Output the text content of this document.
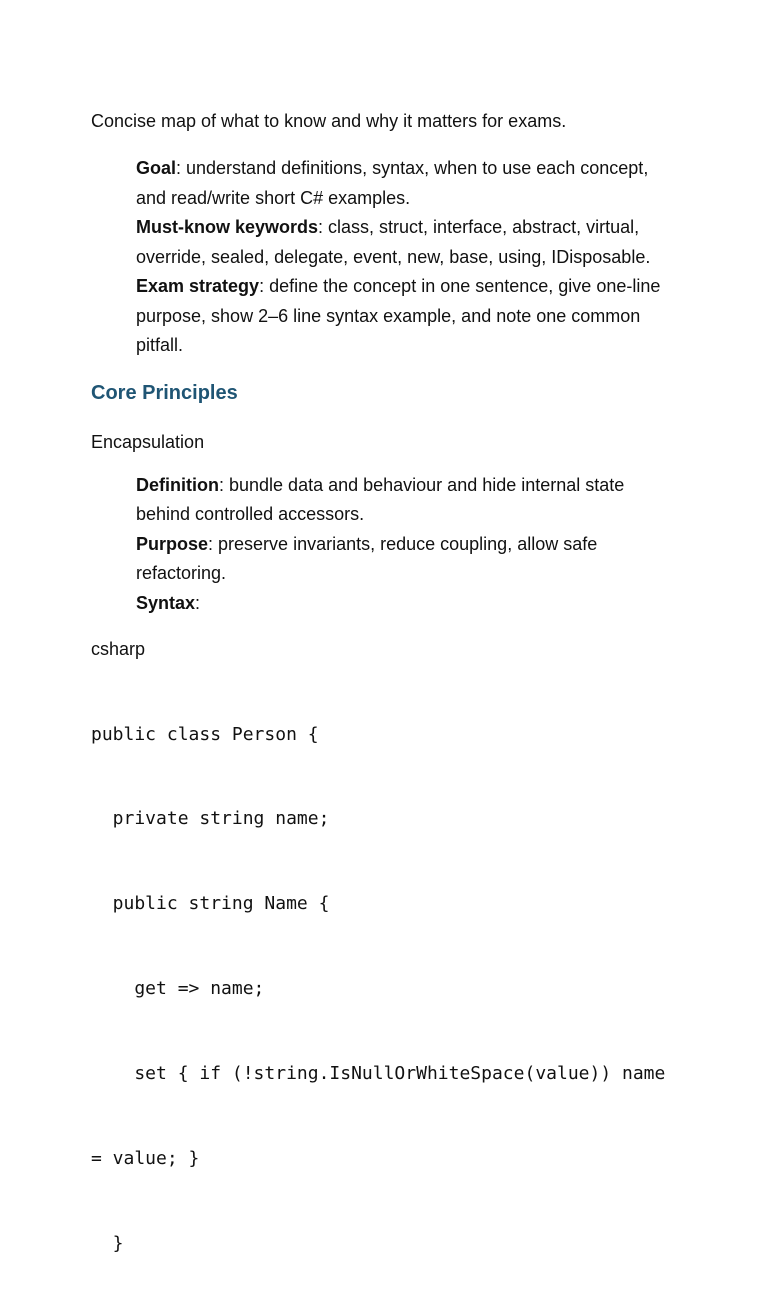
Concise map of what to know and why it matters for exams.

Goal: understand definitions, syntax, when to use each concept, and read/write short C# examples.
Must-know keywords: class, struct, interface, abstract, virtual, override, sealed, delegate, event, new, base, using, IDisposable.
Exam strategy: define the concept in one sentence, give one-line purpose, show 2–6 line syntax example, and note one common pitfall.
Core Principles

Encapsulation

Definition: bundle data and behaviour and hide internal state behind controlled accessors.
Purpose: preserve invariants, reduce coupling, allow safe refactoring.
Syntax:

csharp

public class Person {

private string name;

public string Name {

get => name;

set { if (!string.IsNullOrWhiteSpace(value)) name

= value; }

}
